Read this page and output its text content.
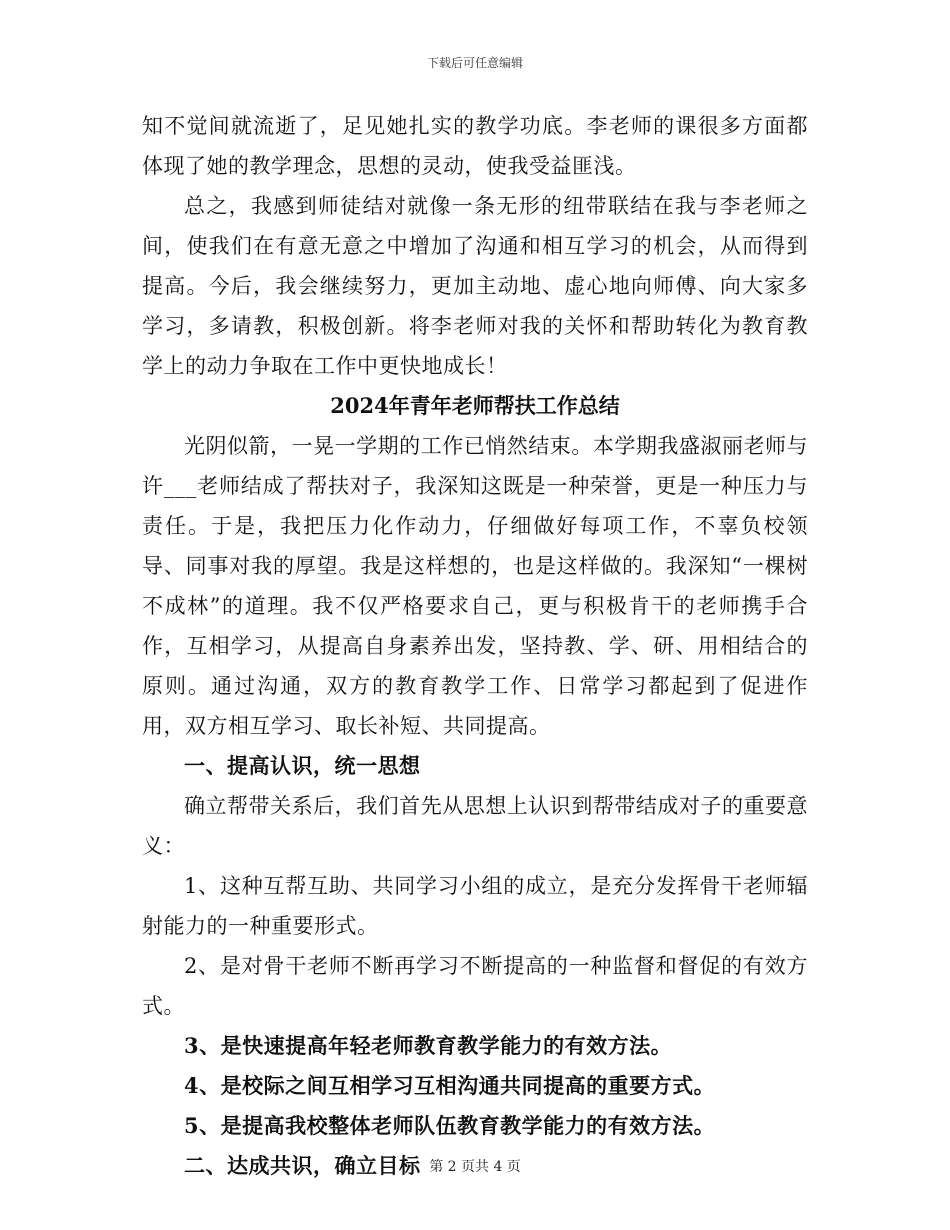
下载后可任意编辑

知不觉间就流逝了，足见她扎实的教学功底。李老师的课很多方面都体现了她的教学理念，思想的灵动，使我受益匪浅。

总之，我感到师徒结对就像一条无形的纽带联结在我与李老师之间，使我们在有意无意之中增加了沟通和相互学习的机会，从而得到提高。今后，我会继续努力，更加主动地、虚心地向师傅、向大家多学习，多请教，积极创新。将李老师对我的关怀和帮助转化为教育教学上的动力争取在工作中更快地成长！

2024年青年老师帮扶工作总结

光阴似箭，一晃一学期的工作已悄然结束。本学期我盛淑丽老师与许___老师结成了帮扶对子，我深知这既是一种荣誉，更是一种压力与责任。于是，我把压力化作动力，仔细做好每项工作，不辜负校领导、同事对我的厚望。我是这样想的，也是这样做的。我深知“一棵树不成林”的道理。我不仅严格要求自己，更与积极肯干的老师携手合作，互相学习，从提高自身素养出发，坚持教、学、研、用相结合的原则。通过沟通，双方的教育教学工作、日常学习都起到了促进作用，双方相互学习、取长补短、共同提高。

一、提高认识，统一思想

确立帮带关系后，我们首先从思想上认识到帮带结成对子的重要意义：

1、这种互帮互助、共同学习小组的成立，是充分发挥骨干老师辐射能力的一种重要形式。

2、是对骨干老师不断再学习不断提高的一种监督和督促的有效方式。

3、是快速提高年轻老师教育教学能力的有效方法。

4、是校际之间互相学习互相沟通共同提高的重要方式。

5、是提高我校整体老师队伍教育教学能力的有效方法。

二、达成共识，确立目标 第 2 页共 4 页
